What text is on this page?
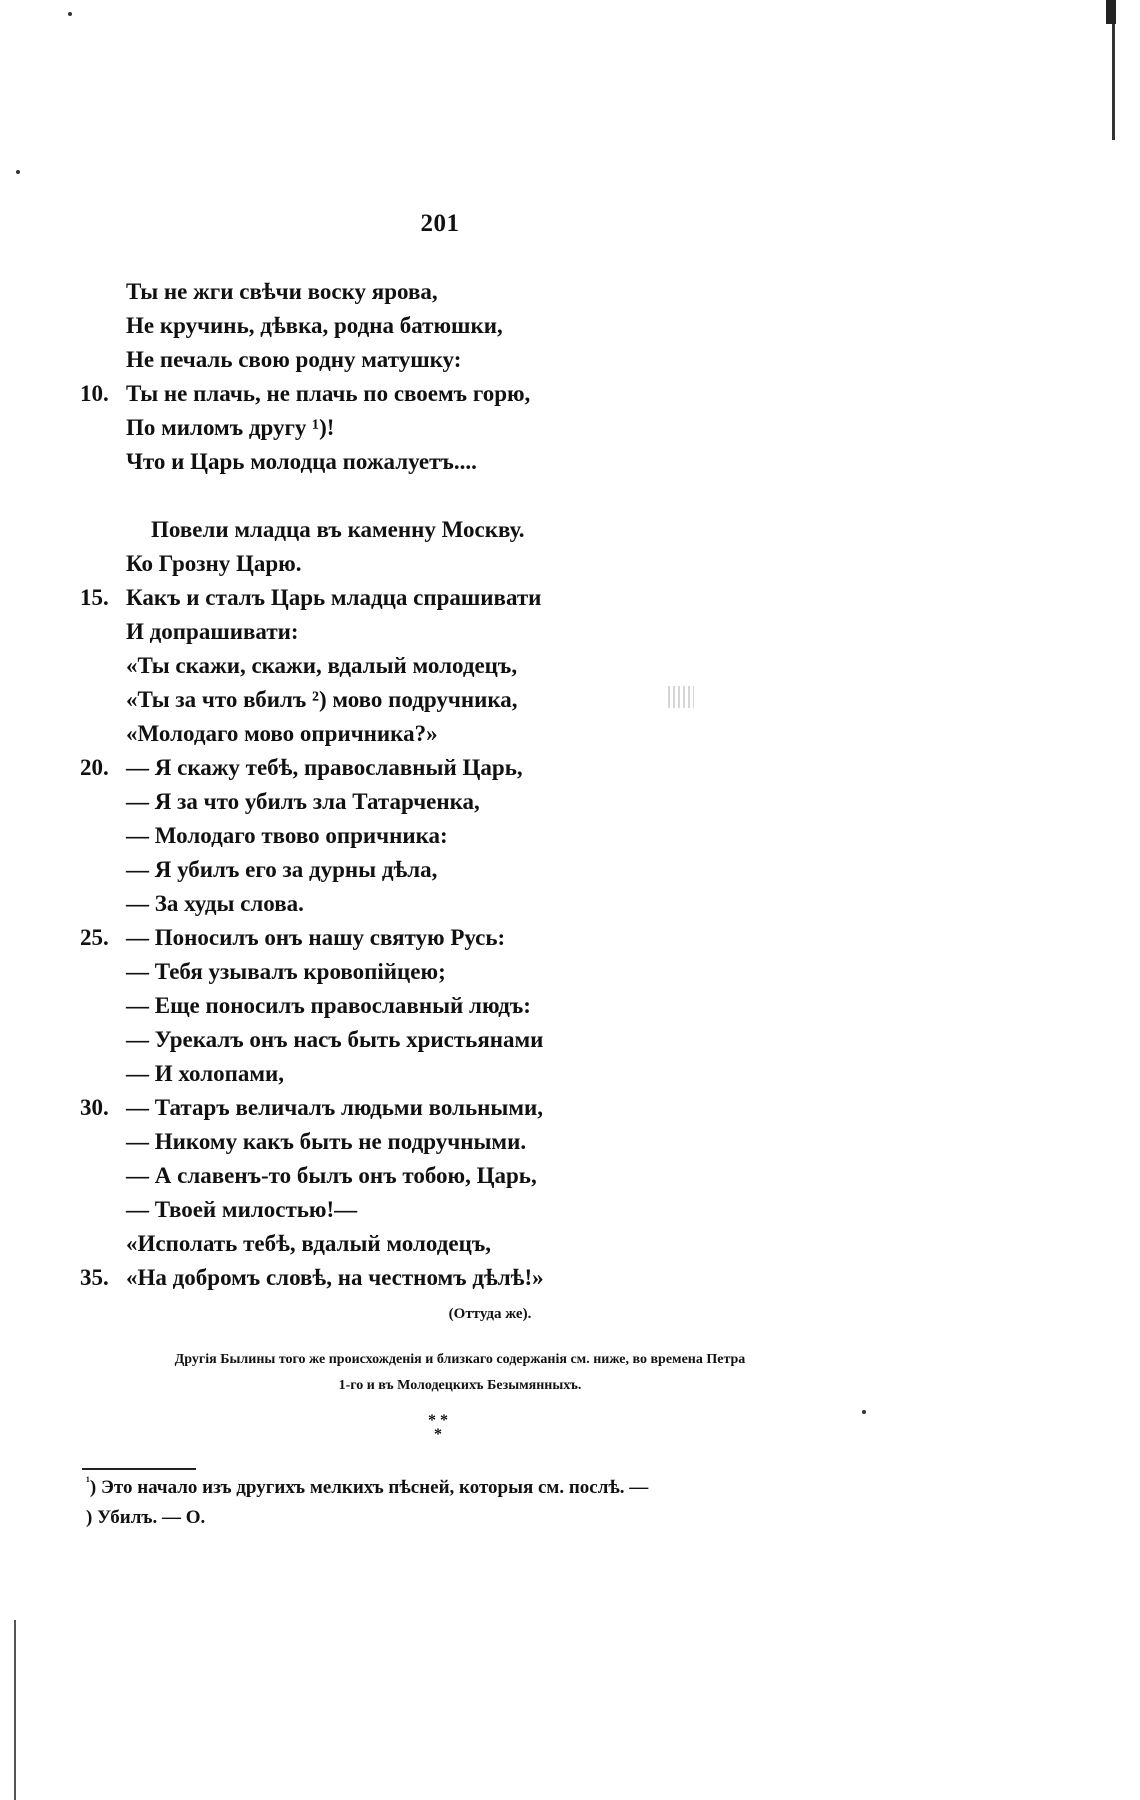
201
Ты не жги свѣчи воску ярова,
Не кручинь, дѣвка, родна батюшки,
Не печаль свою родну матушку:
10. Ты не плачь, не плачь по своемъ горю,
По миломъ другу ¹)!
Что и Царь молодца пожалуетъ....
Повели младца въ каменну Москву.
Ко Грозну Царю.
15. Какъ и сталъ Царь младца спрашивати
И допрашивати:
«Ты скажи, скажи, вдалый молодецъ,
«Ты за что вбилъ ²) мово подручника,
«Молодаго мово опричника?»
20. — Я скажу тебѣ, православный Царь,
— Я за что убилъ зла Татарченка,
— Молодаго твово опричника:
— Я убилъ его за дурны дѣла,
— За худы слова.
25. — Поносилъ онъ нашу святую Русь:
— Тебя узывалъ кровопійцею;
— Еще поносилъ православный людъ:
— Урекалъ онъ насъ быть христьянами
— И холопами,
30. — Татаръ величалъ людьми вольными,
— Никому какъ быть не подручными.
— А славенъ-то былъ онъ тобою, Царь,
— Твоей милостью!—
«Исполать тебѣ, вдалый молодецъ,
35. «На добромъ словѣ, на честномъ дѣлѣ!»
(Оттуда же).
Другія Былины того же происхожденія и близкаго содержанія см. ниже, во времена Петра
1-го и въ Молодецкихъ Безымянныхъ.
* *
*
$^{^1}$) Это начало изъ другихъ мелкихъ пѣсней, которыя см. послѣ. —
) Убилъ. — О.
